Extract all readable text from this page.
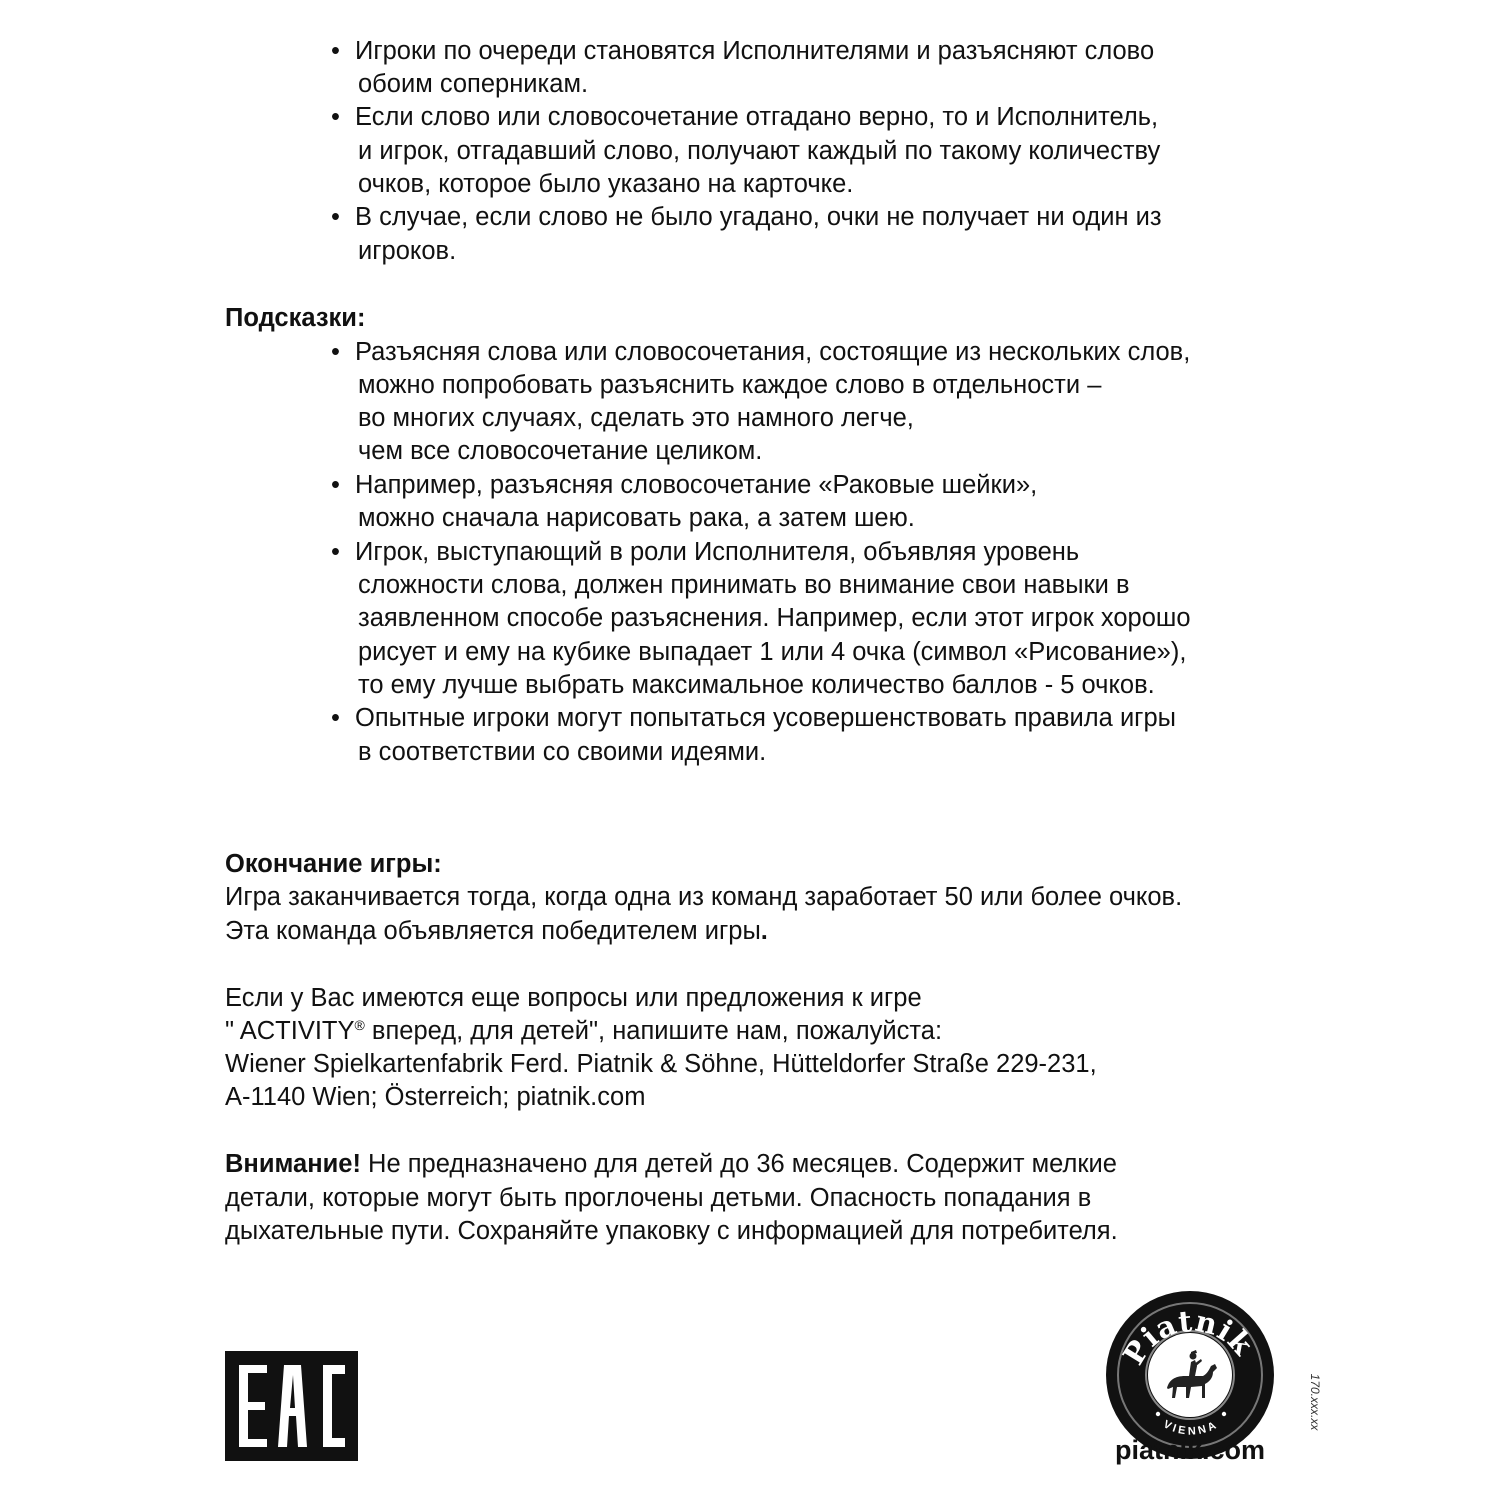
• Игроки по очереди становятся Исполнителями и разъясняют слово
обоим соперникам.
• Если слово или словосочетание отгадано верно, то и Исполнитель,
и игрок, отгадавший слово, получают каждый по такому количеству
очков, которое было указано на карточке.
• В случае, если слово не было угадано, очки не получает ни один из
игроков.
Подсказки:
• Разъясняя слова или словосочетания, состоящие из нескольких слов,
можно попробовать разъяснить каждое слово в отдельности –
во многих случаях, сделать это намного легче,
чем все словосочетание целиком.
• Например, разъясняя словосочетание «Раковые шейки»,
можно сначала нарисовать рака, а затем шею.
• Игрок, выступающий в роли Исполнителя, объявляя уровень
сложности слова, должен принимать во внимание свои навыки в
заявленном способе разъяснения. Например, если этот игрок хорошо
рисует и ему на кубике выпадает 1 или 4 очка (символ «Рисование»),
то ему лучше выбрать максимальное количество баллов - 5 очков.
• Опытные игроки могут попытаться усовершенствовать правила игры
в соответствии со своими идеями.
Окончание игры:
Игра заканчивается тогда, когда одна из команд заработает 50 или более очков.
Эта команда объявляется победителем игры.
Если у Вас имеются еще вопросы или предложения к игре
" ACTIVITY® вперед, для детей", напишите нам, пожалуйста:
Wiener Spielkartenfabrik Ferd. Piatnik & Söhne, Hütteldorfer Straße 229-231,
A-1140 Wien; Österreich; piatnik.com
Внимание! Не предназначено для детей до 36 месяцев. Содержит мелкие
детали, которые могут быть проглочены детьми. Опасность попадания в
дыхательные пути. Сохраняйте упаковку с информацией для потребителя.
Piatnik
VIENNA
piatnik.com
170.xxx.xx
